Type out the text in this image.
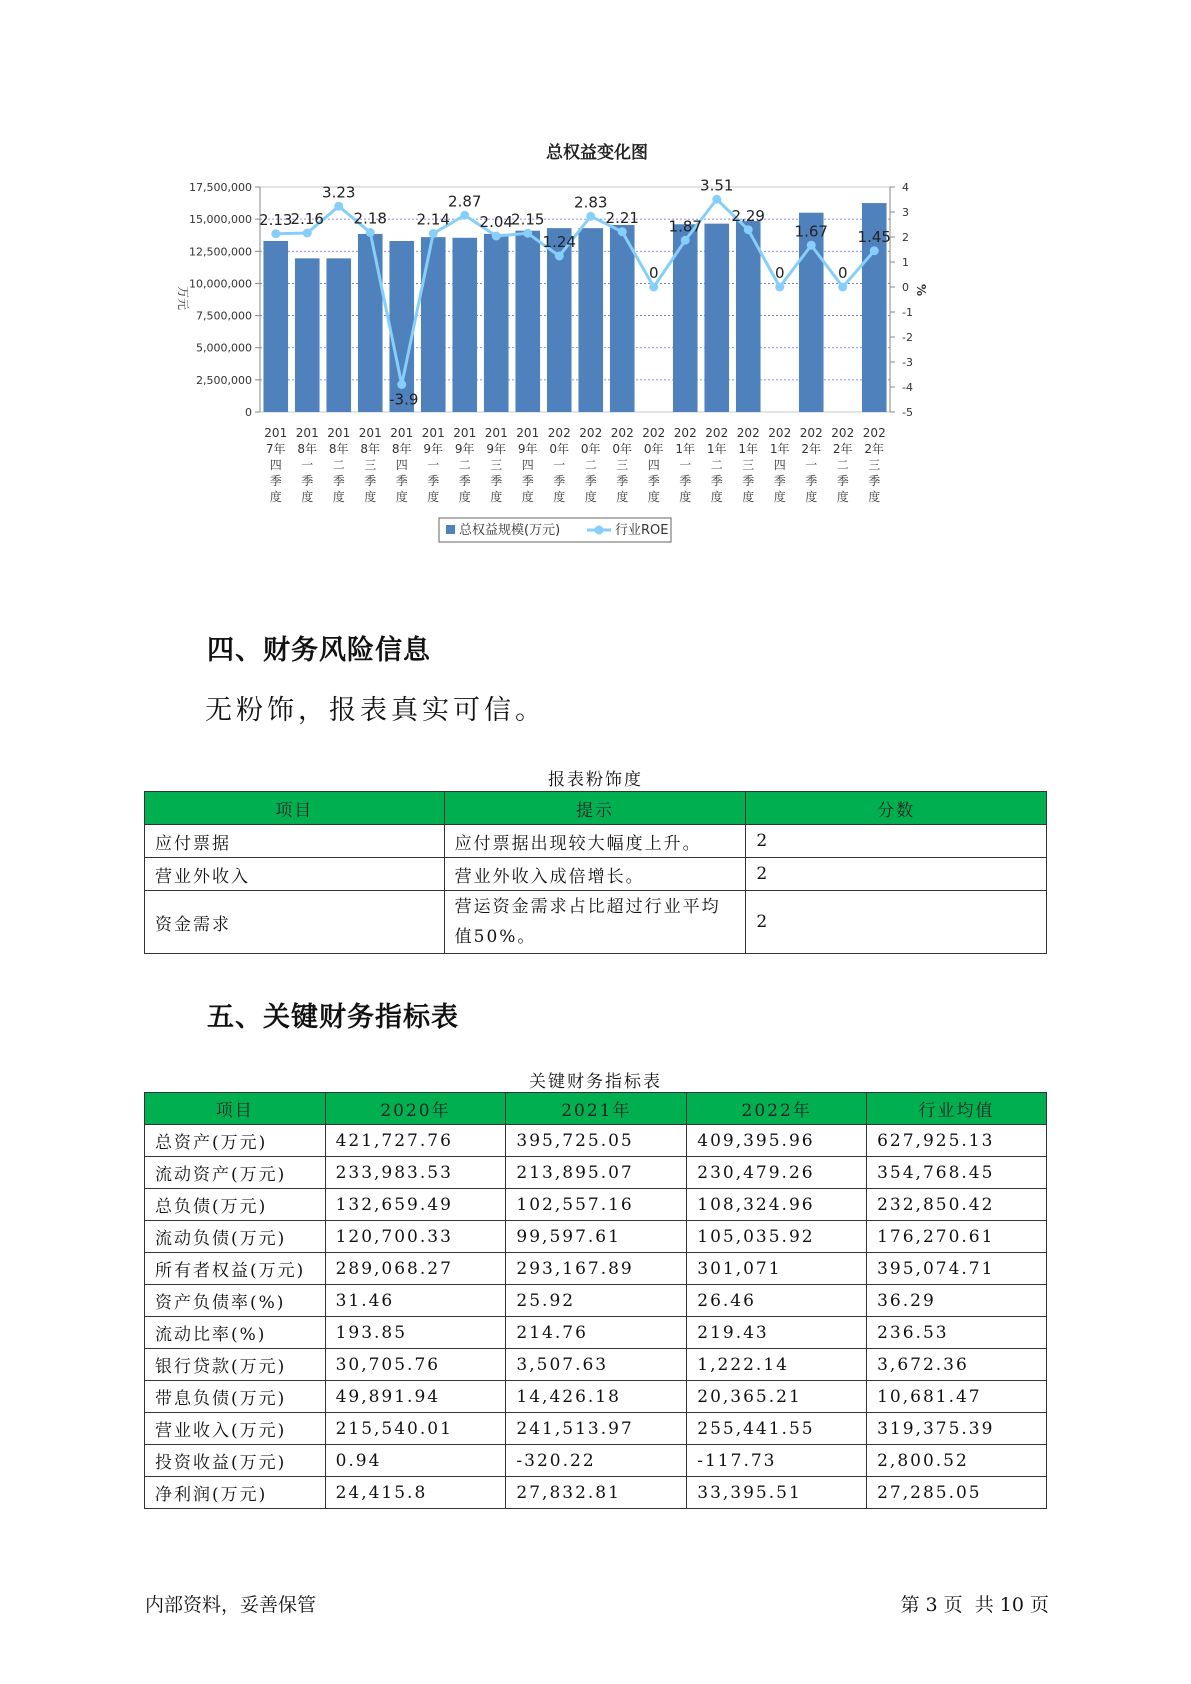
总权益变化图
2.13
2.16
3.23
2.18
-3.9
2.14
2.87
2.04
2.15
1.24
2.83
2.21
0
1.87
3.51
2.29
0
1.67
0
1.45
0
2,500,000
5,000,000
7,500,000
10,000,000
12,500,000
15,000,000
17,500,000
-5
-4
-3
-2
-1
0
1
2
3
4
万元	%
201 7年四季度
201 8年一季度
201 8年二季度
201 8年三季度
201 8年四季度
201 9年一季度
201 9年二季度
201 9年三季度
201 9年四季度
202 0年一季度
202 0年二季度
202 0年三季度
202 0年四季度
202 1年一季度
202 1年二季度
202 1年三季度
202 1年四季度
202 2年一季度
202 2年二季度
202 2年三季度
总权益规模(万元)	行业ROE
四、财务风险信息
无粉饰，报表真实可信。
报表粉饰度
项目	提示	分数
应付票据	应付票据出现较大幅度上升。	2
营业外收入	营业外收入成倍增长。	2
资金需求	营运资金需求占比超过行业平均值50%。	2
五、关键财务指标表
关键财务指标表
项目	2020年	2021年	2022年	行业均值
总资产(万元)	421,727.76	395,725.05	409,395.96	627,925.13
流动资产(万元)	233,983.53	213,895.07	230,479.26	354,768.45
总负债(万元)	132,659.49	102,557.16	108,324.96	232,850.42
流动负债(万元)	120,700.33	99,597.61	105,035.92	176,270.61
所有者权益(万元)	289,068.27	293,167.89	301,071	395,074.71
资产负债率(%)	31.46	25.92	26.46	36.29
流动比率(%)	193.85	214.76	219.43	236.53
银行贷款(万元)	30,705.76	3,507.63	1,222.14	3,672.36
带息负债(万元)	49,891.94	14,426.18	20,365.21	10,681.47
营业收入(万元)	215,540.01	241,513.97	255,441.55	319,375.39
投资收益(万元)	0.94	-320.22	-117.73	2,800.52
净利润(万元)	24,415.8	27,832.81	33,395.51	27,285.05
内部资料，妥善保管	第 3 页  共 10 页
